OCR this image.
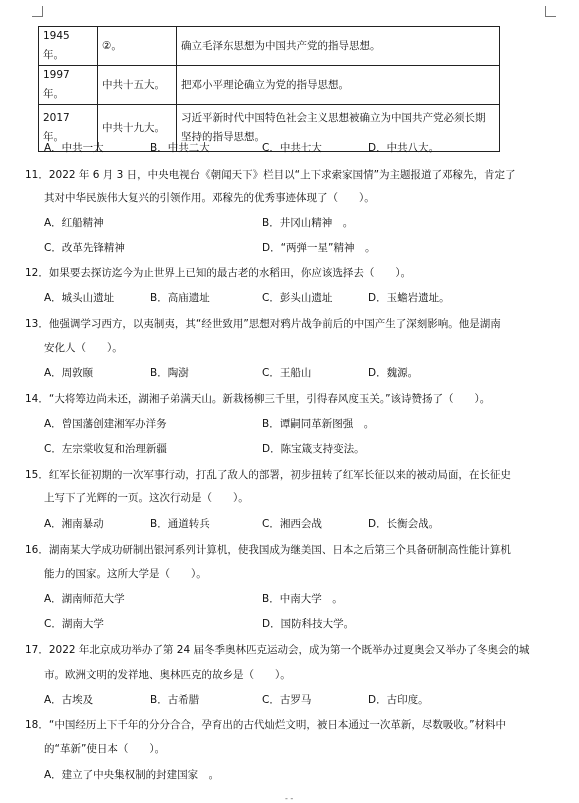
1945 年。	②。	确立毛泽东思想为中国共产党的指导思想。
1997 年。	中共十五大。	把邓小平理论确立为党的指导思想。
2017 年。	中共十九大。	习近平新时代中国特色社会主义思想被确立为中国共产党必须长期坚持的指导思想。
A．中共一大	B．中共二大	C．中共七大	D．中共八大。
11．2022 年 6 月 3 日，中央电视台《朝闻天下》栏目以“上下求索家国情”为主题报道了邓稼先，肯定了
其对中华民族伟大复兴的引领作用。邓稼先的优秀事迹体现了（　　）。
A．红船精神	B．井冈山精神　。
C．改革先锋精神	D．“两弹一星”精神　。
12．如果要去探访迄今为止世界上已知的最古老的水稻田，你应该选择去（　　）。
A．城头山遗址	B．高庙遗址	C．彭头山遗址	D．玉蟾岩遗址。
13．他强调学习西方，以夷制夷，其“经世致用”思想对鸦片战争前后的中国产生了深刻影响。他是湖南
安化人（　　）。
A．周敦颐	B．陶澍	C．王船山	D．魏源。
14．“大将筹边尚未还，湖湘子弟满天山。新栽杨柳三千里，引得春风度玉关。”该诗赞扬了（　　）。
A．曾国藩创建湘军办洋务	B．谭嗣同革新图强　。
C．左宗棠收复和治理新疆	D．陈宝箴支持变法。
15．红军长征初期的一次军事行动，打乱了敌人的部署，初步扭转了红军长征以来的被动局面，在长征史
上写下了光辉的一页。这次行动是（　　）。
A．湘南暴动	B．通道转兵	C．湘西会战	D．长衡会战。
16．湖南某大学成功研制出银河系列计算机，使我国成为继美国、日本之后第三个具备研制高性能计算机
能力的国家。这所大学是（　　）。
A．湖南师范大学	B．中南大学　。
C．湖南大学	D．国防科技大学。
17．2022 年北京成功举办了第 24 届冬季奥林匹克运动会，成为第一个既举办过夏奥会又举办了冬奥会的城
市。欧洲文明的发祥地、奥林匹克的故乡是（　　）。
A．古埃及	B．古希腊	C．古罗马	D．古印度。
18．“中国经历上下千年的分分合合，孕育出的古代灿烂文明，被日本通过一次革新，尽数吸收。”材料中
的“革新”使日本（　　）。
A．建立了中央集权制的封建国家　。
- -
